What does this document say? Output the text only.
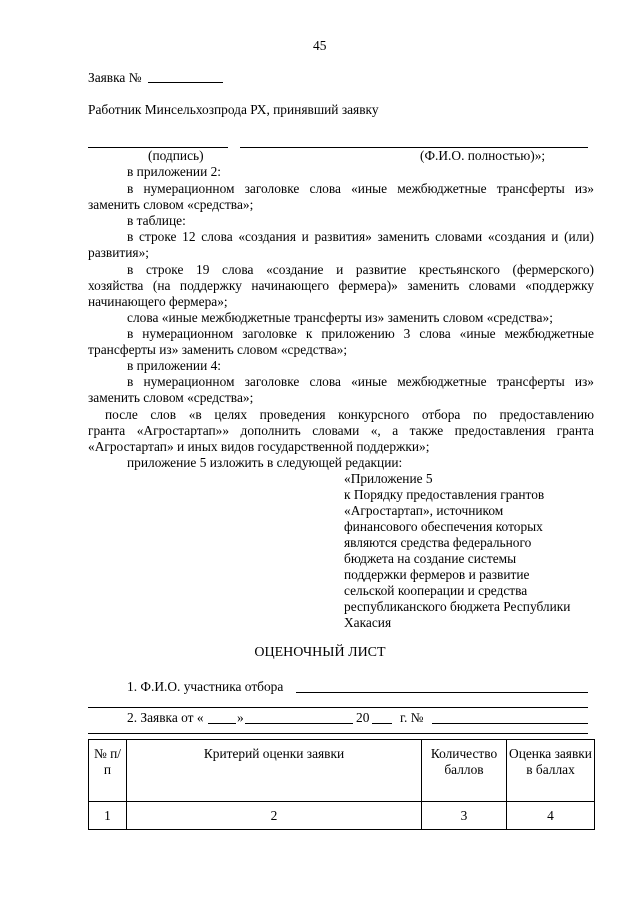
45
Заявка №
Работник Минсельхозпрода РХ, принявший заявку
(подпись)	(Ф.И.О. полностью)»;
в приложении 2:
в нумерационном заголовке слова «иные межбюджетные трансферты из»
заменить словом «средства»;
в таблице:
в строке 12 слова «создания и развития» заменить словами «создания и (или)
развития»;
в строке 19 слова «создание и развитие крестьянского (фермерского)
хозяйства (на поддержку начинающего фермера)» заменить словами «поддержку
начинающего фермера»;
слова «иные межбюджетные трансферты из» заменить словом «средства»;
в нумерационном заголовке к приложению 3 слова «иные межбюджетные
трансферты из» заменить словом «средства»;
в приложении 4:
в нумерационном заголовке слова «иные межбюджетные трансферты из»
заменить словом «средства»;
после слов «в целях проведения конкурсного отбора по предоставлению
гранта «Агростартап»» дополнить словами «, а также предоставления гранта
«Агростартап» и иных видов государственной поддержки»;
приложение 5 изложить в следующей редакции:
«Приложение 5
к Порядку предоставления грантов
«Агростартап», источником
финансового обеспечения которых
являются средства федерального
бюджета на создание системы
поддержки фермеров и развитие
сельской кооперации и средства
республиканского бюджета Республики
Хакасия
ОЦЕНОЧНЫЙ ЛИСТ
1. Ф.И.О. участника отбора
2. Заявка от « »	20 г. №
№ п/п	Критерий оценки заявки	Количество баллов	Оценка заявки в баллах
1	2	3	4
